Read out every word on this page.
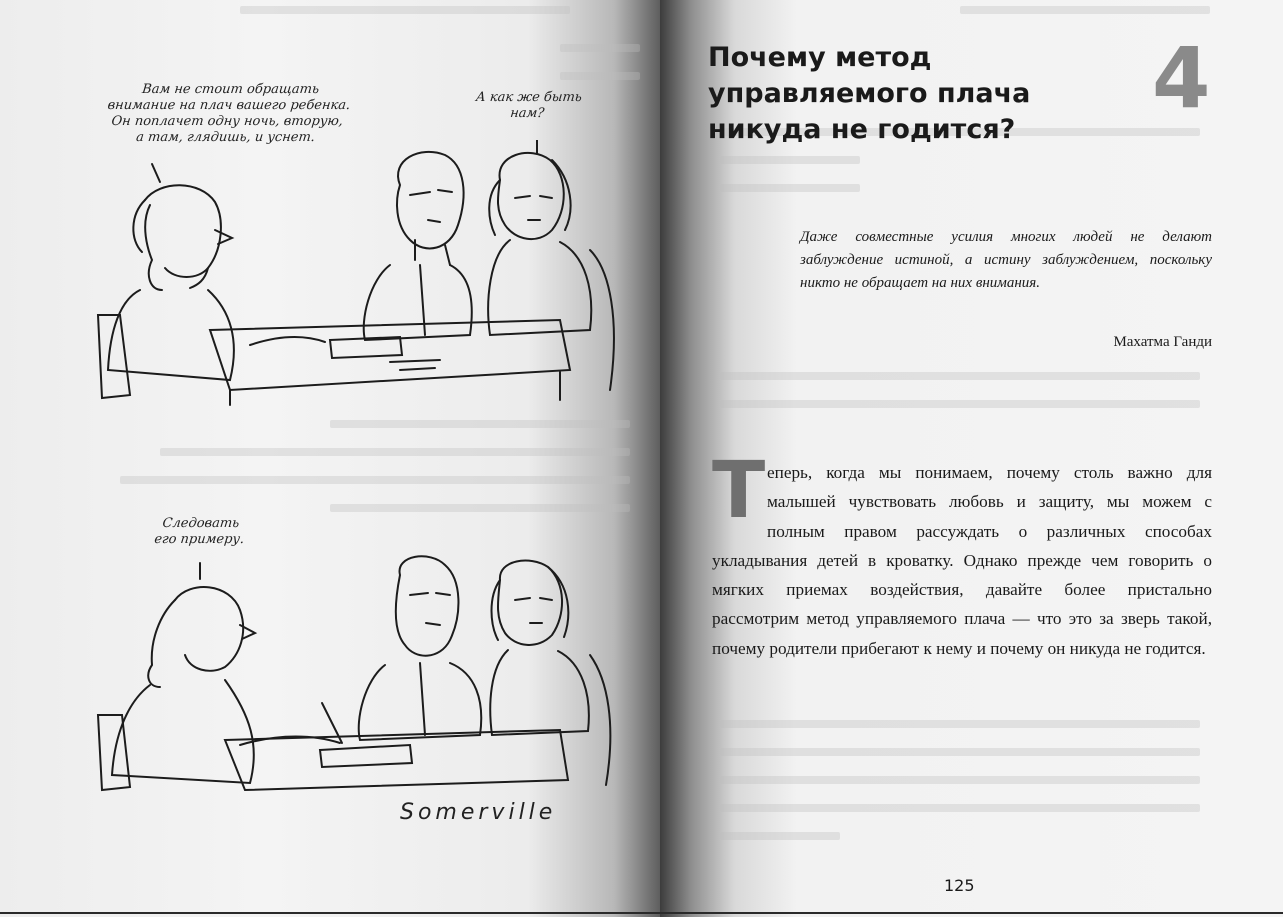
Вам не стоит обращать
внимание на плач вашего ребенка.
Он поплачет одну ночь, вторую,
а там, глядишь, и уснет.
А как же быть
нам?
Следовать
его примеру.
Somerville
Почему метод управляемого плача никуда не годится?
4

Даже совместные усилия многих людей не делают заблуждение истиной, а истину заблуждением, поскольку никто не обращает на них внимания.

Махатма Ганди
Т еперь, когда мы понимаем, почему столь важно для малышей чувствовать любовь и защиту, мы можем с полным правом рассуждать о различных способах укладывания детей в кроватку. Однако прежде чем говорить о мягких приемах воздействия, давайте более пристально рассмотрим метод управляемого плача — что это за зверь такой, почему родители прибегают к нему и почему он никуда не годится.

125
